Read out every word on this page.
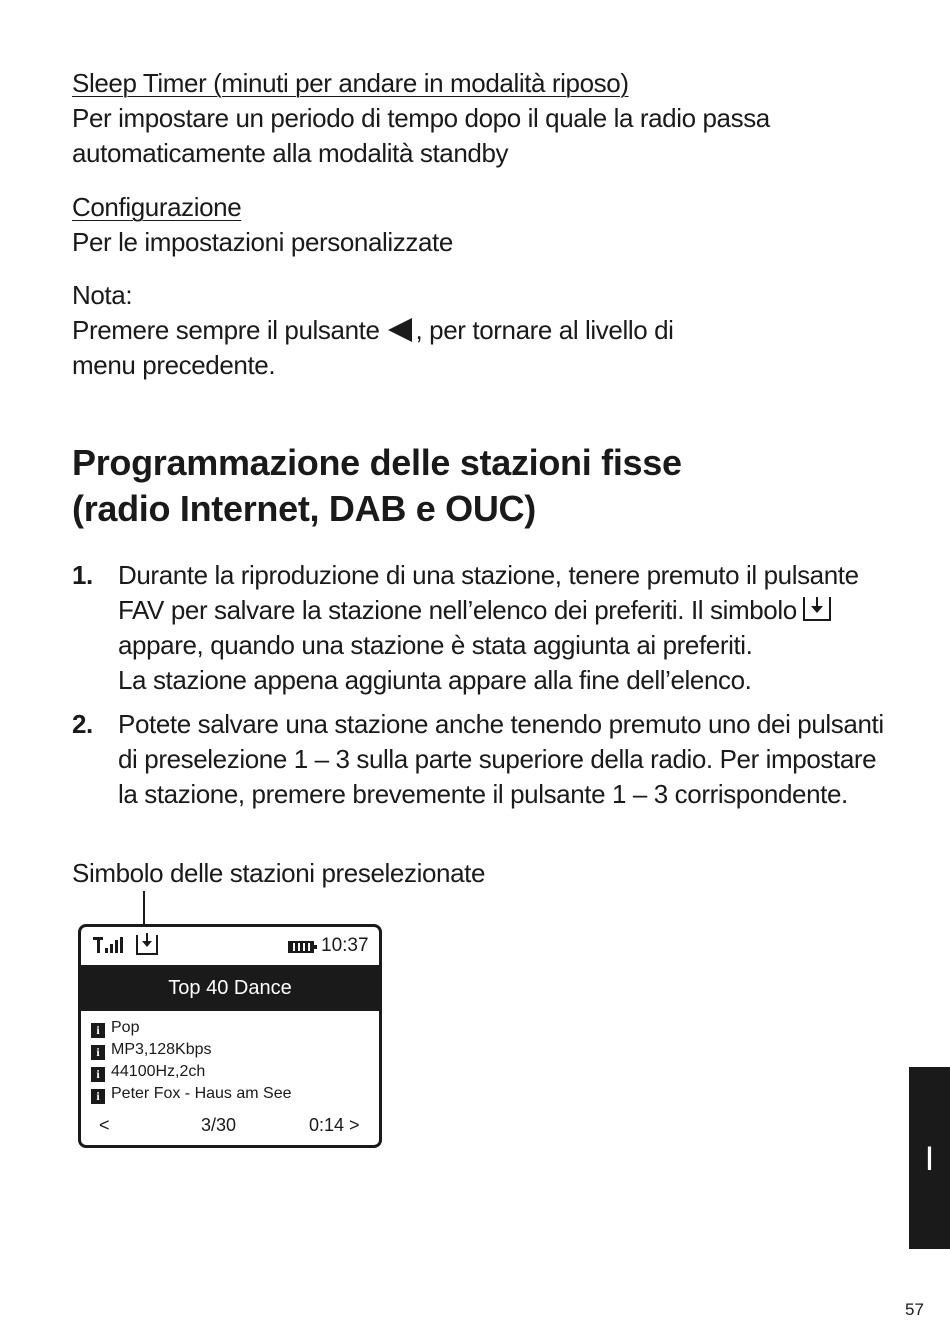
Sleep Timer (minuti per andare in modalità riposo)
Per impostare un periodo di tempo dopo il quale la radio passa
automaticamente alla modalità standby
Configurazione
Per le impostazioni personalizzate
Nota:
Premere sempre il pulsante , per tornare al livello di
menu precedente.
Programmazione delle stazioni fisse
(radio Internet, DAB e OUC)
1. Durante la riproduzione di una stazione, tenere premuto il pulsante
FAV per salvare la stazione nell’elenco dei preferiti. Il simbolo
appare, quando una stazione è stata aggiunta ai preferiti.
La stazione appena aggiunta appare alla fine dell’elenco.
2. Potete salvare una stazione anche tenendo premuto uno dei pulsanti
di preselezione 1 – 3 sulla parte superiore della radio. Per impostare
la stazione, premere brevemente il pulsante 1 – 3 corrispondente.
Simbolo delle stazioni preselezionate
10:37
Top 40 Dance
i Pop
i MP3,128Kbps
i 44100Hz,2ch
i Peter Fox - Haus am See
<	3/30	0:14 >
I
57
